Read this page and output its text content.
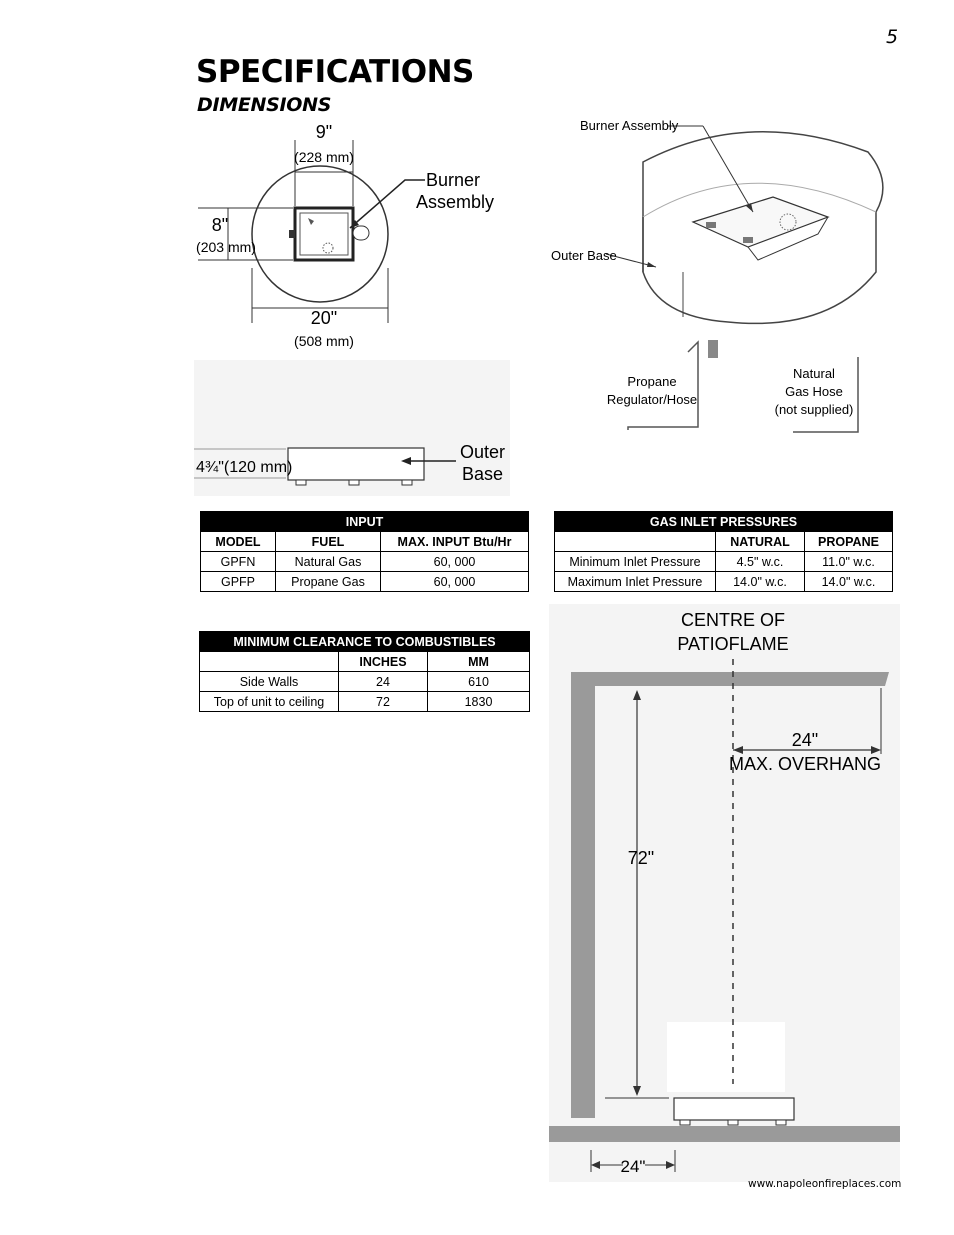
5
SPECIFICATIONS
DIMENSIONS
9"
(228 mm)
8"
(203 mm)
20"
(508 mm)
Burner
Assembly
4¾"(120 mm)
Outer
Base
Burner Assembly
Outer Base
Propane
Regulator/Hose
Natural
Gas Hose
(not supplied)
INPUT		
MODEL	FUEL	MAX. INPUT Btu/Hr
GPFN	Natural Gas	60, 000
GPFP	Propane Gas	60, 000
GAS INLET PRESSURES		
	NATURAL	PROPANE
Minimum Inlet Pressure	4.5" w.c.	11.0" w.c.
Maximum Inlet Pressure	14.0" w.c.	14.0" w.c.
MINIMUM CLEARANCE TO COMBUSTIBLES		
	INCHES	MM
Side Walls	24	610
Top of unit to ceiling	72	1830
CENTRE OF
PATIOFLAME
24"
MAX. OVERHANG
72"
24"
www.napoleonfireplaces.com
